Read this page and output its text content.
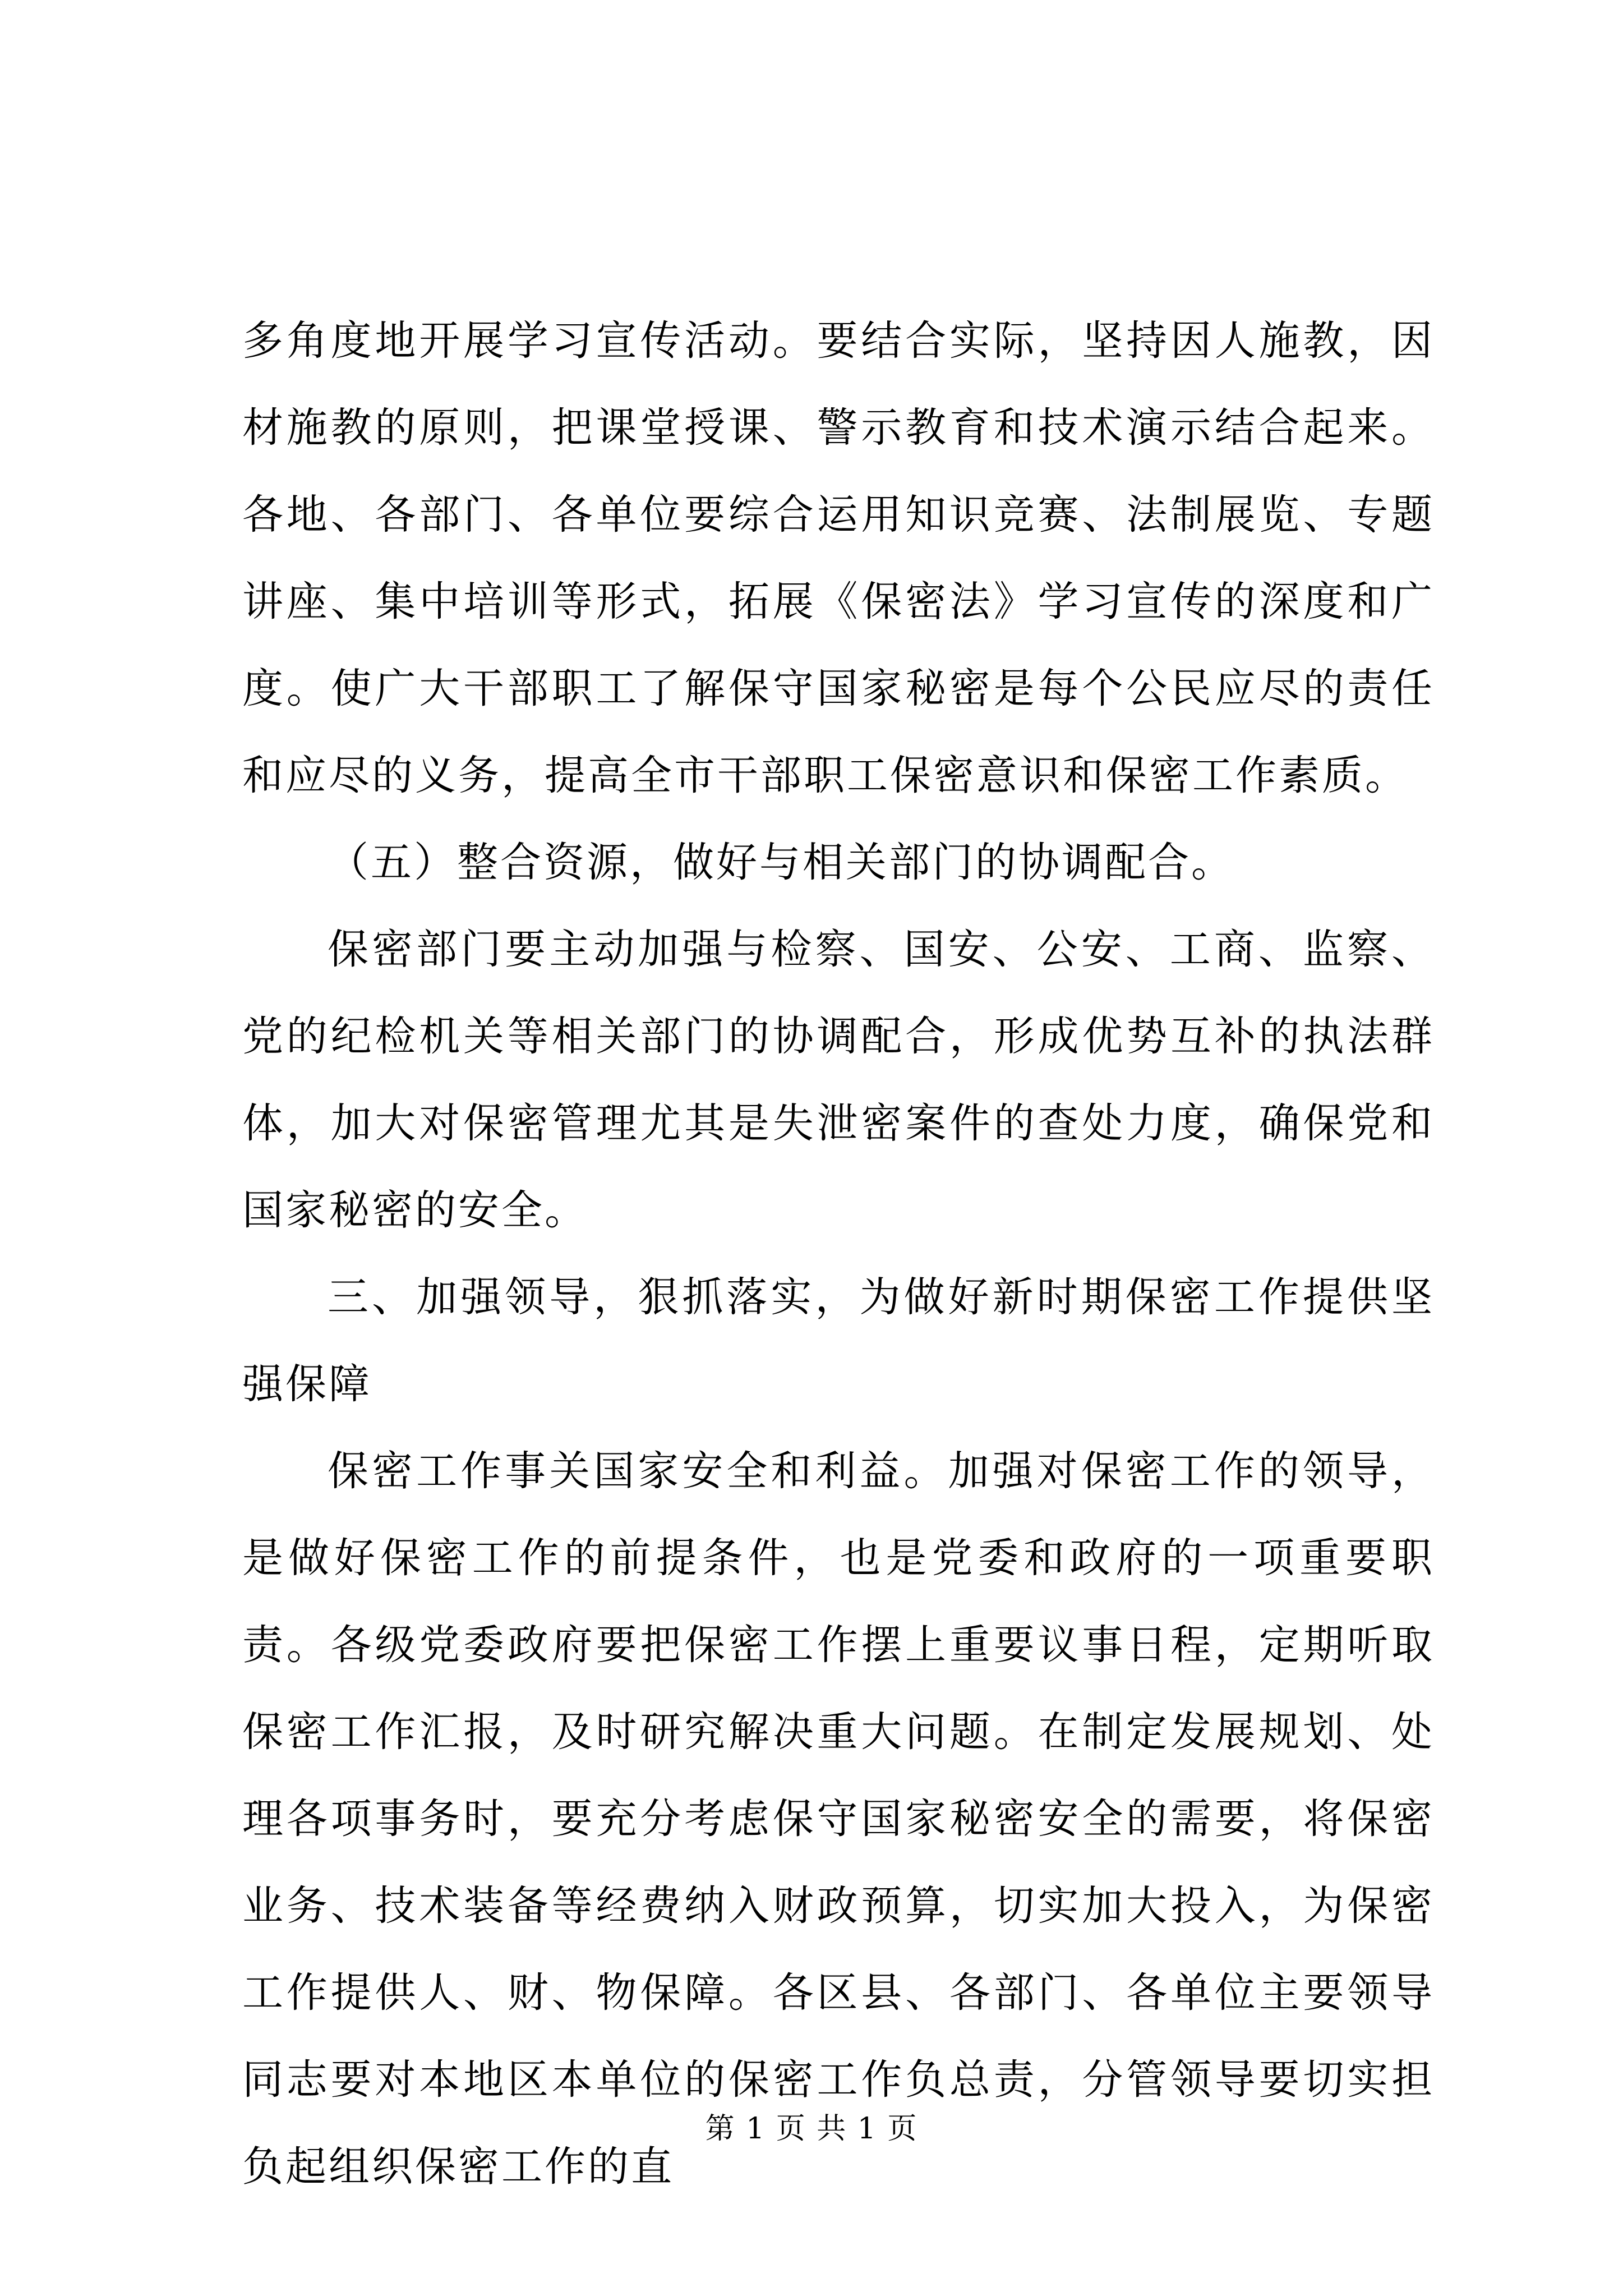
多角度地开展学习宣传活动。要结合实际，坚持因人施教，因材施教的原则，把课堂授课、警示教育和技术演示结合起来。各地、各部门、各单位要综合运用知识竞赛、法制展览、专题讲座、集中培训等形式，拓展《保密法》学习宣传的深度和广度。使广大干部职工了解保守国家秘密是每个公民应尽的责任和应尽的义务，提高全市干部职工保密意识和保密工作素质。

（五）整合资源，做好与相关部门的协调配合。

保密部门要主动加强与检察、国安、公安、工商、监察、党的纪检机关等相关部门的协调配合，形成优势互补的执法群体，加大对保密管理尤其是失泄密案件的查处力度，确保党和国家秘密的安全。

三、加强领导，狠抓落实，为做好新时期保密工作提供坚强保障

保密工作事关国家安全和利益。加强对保密工作的领导，是做好保密工作的前提条件，也是党委和政府的一项重要职责。各级党委政府要把保密工作摆上重要议事日程，定期听取保密工作汇报，及时研究解决重大问题。在制定发展规划、处理各项事务时，要充分考虑保守国家秘密安全的需要，将保密业务、技术装备等经费纳入财政预算，切实加大投入，为保密工作提供人、财、物保障。各区县、各部门、各单位主要领导同志要对本地区本单位的保密工作负总责，分管领导要切实担负起组织保密工作的直

第 1 页 共 1 页
